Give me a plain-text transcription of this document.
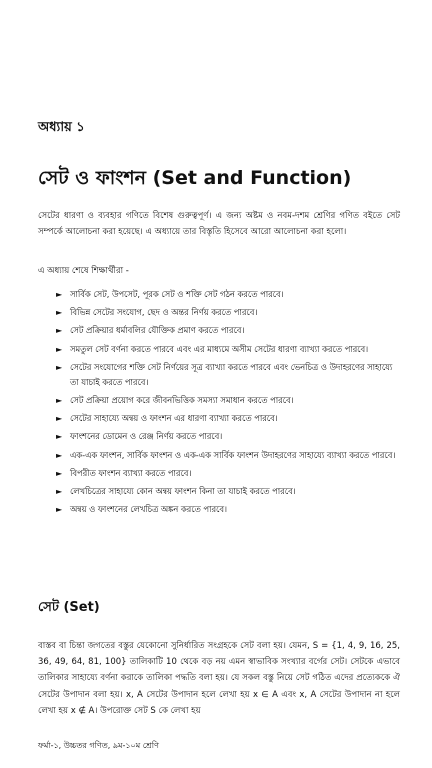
অধ্যায় ১
সেট ও ফাংশন (Set and Function)
সেটের ধারণা ও ব্যবহার গণিতে বিশেষ গুরুত্বপূর্ণ। এ জন্য অষ্টম ও নবম-দশম শ্রেণির গণিত বইতে সেট সম্পর্কে আলোচনা করা হয়েছে। এ অধ্যায়ে তার বিস্তৃতি হিসেবে আরো আলোচনা করা হলো।
এ অধ্যায় শেষে শিক্ষার্থীরা -
► সার্বিক সেট, উপসেট, পূরক সেট ও শক্তি সেট গঠন করতে পারবে।
► বিভিন্ন সেটের সংযোগ, ছেদ ও অন্তর নির্ণয় করতে পারবে।
► সেট প্রক্রিয়ার ধর্মাবলির যৌক্তিক প্রমাণ করতে পারবে।
► সমতুল সেট বর্ণনা করতে পারবে এবং এর মাধ্যমে অসীম সেটের ধারণা ব্যাখ্যা করতে পারবে।
► সেটের সংযোগের শক্তি সেট নির্ণয়ের সূত্র ব্যাখ্যা করতে পারবে এবং ভেনচিত্র ও উদাহরণের সাহায্যে তা যাচাই করতে পারবে।
► সেট প্রক্রিয়া প্রয়োগ করে জীবনভিত্তিক সমস্যা সমাধান করতে পারবে।
► সেটের সাহায্যে অন্বয় ও ফাংশন এর ধারণা ব্যাখ্যা করতে পারবে।
► ফাংশনের ডোমেন ও রেঞ্জ নির্ণয় করতে পারবে।
► এক-এক ফাংশন, সার্বিক ফাংশন ও এক-এক সার্বিক ফাংশন উদাহরণের সাহায্যে ব্যাখ্যা করতে পারবে।
► বিপরীত ফাংশন ব্যাখ্যা করতে পারবে।
► লেখচিত্রের সাহায্যে কোন অন্বয় ফাংশন কিনা তা যাচাই করতে পারবে।
► অন্বয় ও ফাংশনের লেখচিত্র অঙ্কন করতে পারবে।
সেট (Set)
বাস্তব বা চিন্তা জগতের বস্তুর যেকোনো সুনির্ধারিত সংগ্রহকে সেট বলা হয়। যেমন, S = {1, 4, 9, 16, 25, 36, 49, 64, 81, 100} তালিকাটি 10 থেকে বড় নয় এমন স্বাভাবিক সংখ্যার বর্গের সেট। সেটকে এভাবে তালিকার সাহায্যে বর্ণনা করাকে তালিকা পদ্ধতি বলা হয়। যে সকল বস্তু নিয়ে সেট গঠিত এদের প্রত্যেককে ঐ সেটের উপাদান বলা হয়। x, A সেটের উপাদান হলে লেখা হয় x ∈ A এবং x, A সেটের উপাদান না হলে লেখা হয় x ∉ A। উপরোক্ত সেট S কে লেখা হয়
ফর্মা-১, উচ্চতর গণিত, ৯ম-১০ম শ্রেণি
